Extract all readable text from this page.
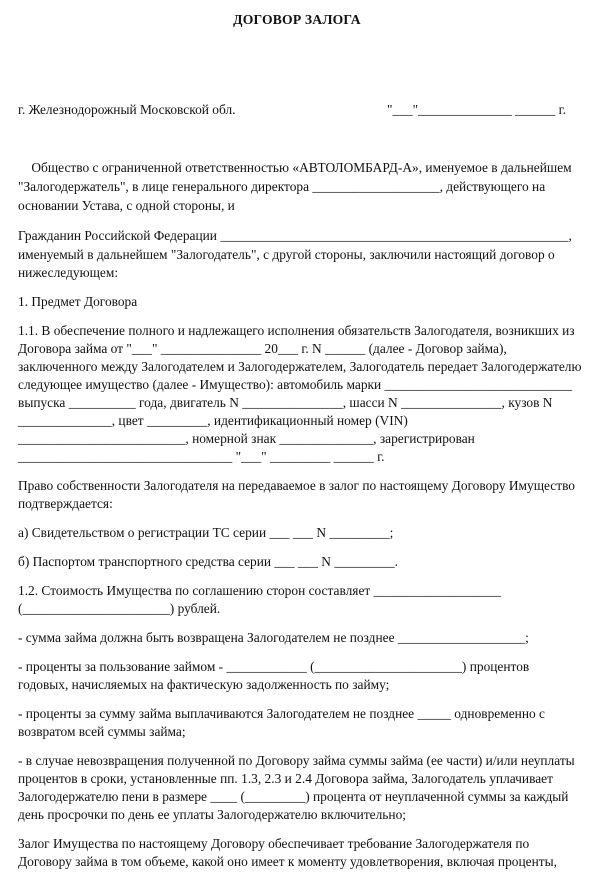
ДОГОВОР ЗАЛОГА
г. Железнодорожный Московской обл.	"___"______________ ______ г.
Общество с ограниченной ответственностью «АВТОЛОМБАРД-А», именуемое в дальнейшем
"Залогодержатель", в лице генерального директора ___________________, действующего на
основании Устава, с одной стороны, и
Гражданин Российской Федерации ____________________________________________________,
именуемый в дальнейшем "Залогодатель", с другой стороны, заключили настоящий договор о
нижеследующем:
1. Предмет Договора
1.1. В обеспечение полного и надлежащего исполнения обязательств Залогодателя, возникших из
Договора займа от "___" _______________ 20___ г. N ______ (далее - Договор займа),
заключенного между Залогодателем и Залогодержателем, Залогодатель передает Залогодержателю
следующее имущество (далее - Имущество): автомобиль марки ____________________________
выпуска __________ года, двигатель N _______________, шасси N _______________, кузов N
______________, цвет _________, идентификационный номер (VIN)
_________________________, номерной знак ______________, зарегистрирован
________________________________ "___" _________ ______ г.
Право собственности Залогодателя на передаваемое в залог по настоящему Договору Имущество
подтверждается:
а) Свидетельством о регистрации ТС серии ___ ___ N _________;
б) Паспортом транспортного средства серии ___ ___ N _________.
1.2. Стоимость Имущества по соглашению сторон составляет ___________________
(______________________) рублей.
- сумма займа должна быть возвращена Залогодателем не позднее ___________________;
- проценты за пользование займом - ____________ (______________________) процентов
годовых, начисляемых на фактическую задолженность по займу;
- проценты за сумму займа выплачиваются Залогодателем не позднее _____ одновременно с
возвратом всей суммы займа;
- в случае невозвращения полученной по Договору займа суммы займа (ее части) и/или неуплаты
процентов в сроки, установленные пп. 1.3, 2.3 и 2.4 Договора займа, Залогодатель уплачивает
Залогодержателю пени в размере ____ (_________) процента от неуплаченной суммы за каждый
день просрочки по день ее уплаты Залогодержателю включительно;
Залог Имущества по настоящему Договору обеспечивает требование Залогодержателя по
Договору займа в том объеме, какой оно имеет к моменту удовлетворения, включая проценты,
